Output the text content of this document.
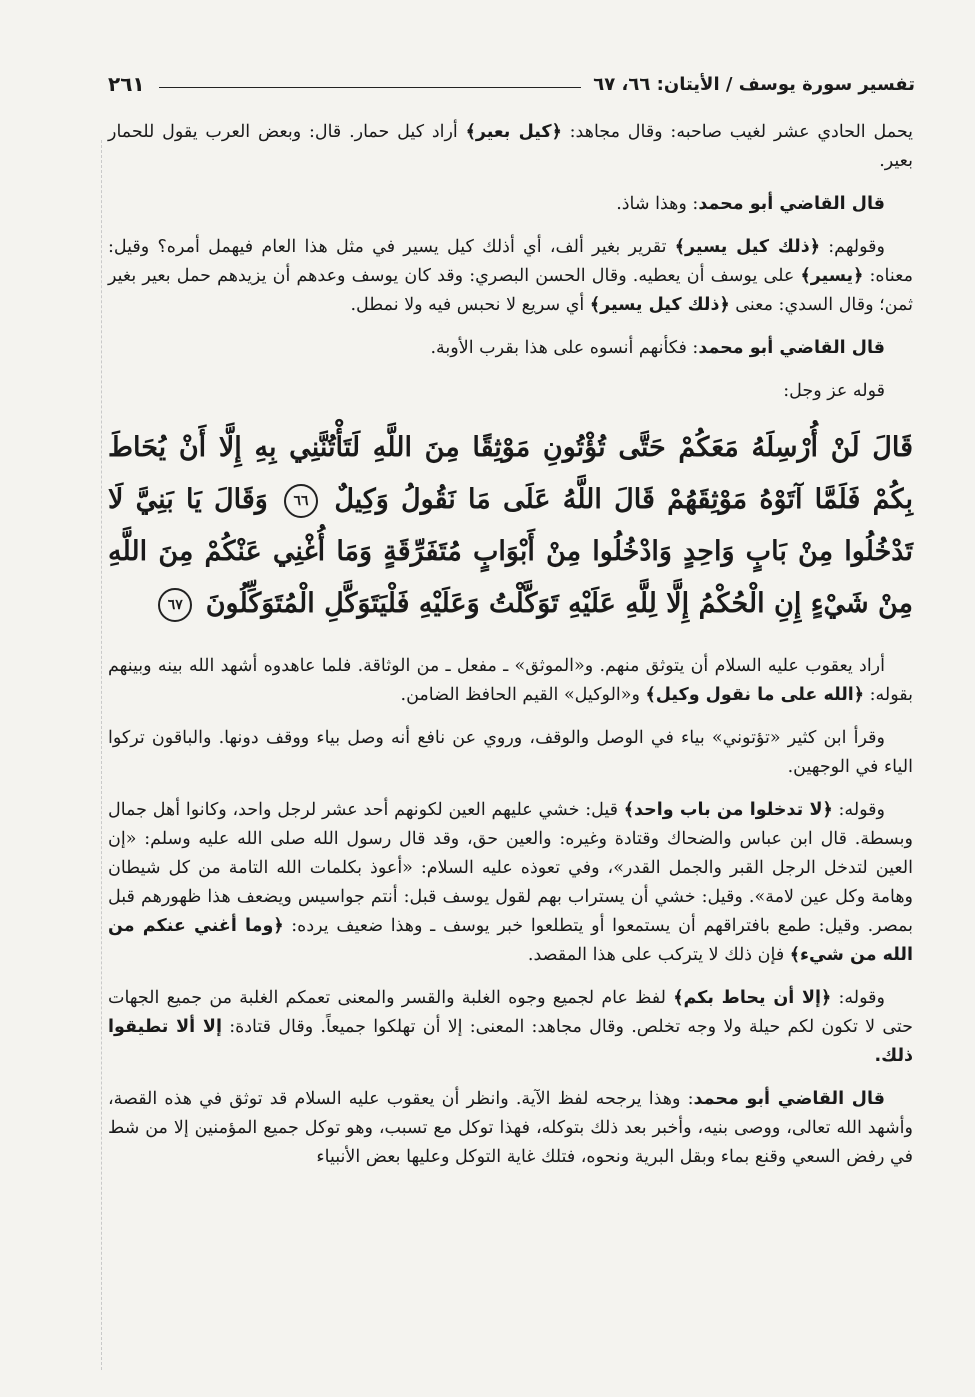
تفسير سورة يوسف / الأيتان: ٦٦، ٦٧
٢٦١

يحمل الحادي عشر لغيب صاحبه: وقال مجاهد: ﴿كيل بعير﴾ أراد كيل حمار. قال: وبعض العرب يقول للحمار بعير.

قال القاضي أبو محمد: وهذا شاذ.

وقولهم: ﴿ذلك كيل يسير﴾ تقرير بغير ألف، أي أذلك كيل يسير في مثل هذا العام فيهمل أمره؟ وقيل: معناه: ﴿يسير﴾ على يوسف أن يعطيه. وقال الحسن البصري: وقد كان يوسف وعدهم أن يزيدهم حمل بعير بغير ثمن؛ وقال السدي: معنى ﴿ذلك كيل يسير﴾ أي سريع لا نحبس فيه ولا نمطل.

قال القاضي أبو محمد: فكأنهم أنسوه على هذا بقرب الأوبة.

قوله عز وجل:

قَالَ لَنْ أُرْسِلَهُ مَعَكُمْ حَتَّى تُؤْتُونِ مَوْثِقًا مِنَ اللَّهِ لَتَأْتُنَّنِي بِهِ إِلَّا أَنْ يُحَاطَ بِكُمْ فَلَمَّا آتَوْهُ مَوْثِقَهُمْ قَالَ اللَّهُ عَلَى مَا نَقُولُ وَكِيلٌ ٦٦ وَقَالَ يَا بَنِيَّ لَا تَدْخُلُوا مِنْ بَابٍ وَاحِدٍ وَادْخُلُوا مِنْ أَبْوَابٍ مُتَفَرِّقَةٍ وَمَا أُغْنِي عَنْكُمْ مِنَ اللَّهِ مِنْ شَيْءٍ إِنِ الْحُكْمُ إِلَّا لِلَّهِ عَلَيْهِ تَوَكَّلْتُ وَعَلَيْهِ فَلْيَتَوَكَّلِ الْمُتَوَكِّلُونَ ٦٧

أراد يعقوب عليه السلام أن يتوثق منهم. و«الموثق» ـ مفعل ـ من الوثاقة. فلما عاهدوه أشهد الله بينه وبينهم بقوله: ﴿الله على ما نقول وكيل﴾ و«الوكيل» القيم الحافظ الضامن.

وقرأ ابن كثير «تؤتوني» بياء في الوصل والوقف، وروي عن نافع أنه وصل بياء ووقف دونها. والباقون تركوا الياء في الوجهين.

وقوله: ﴿لا تدخلوا من باب واحد﴾ قيل: خشي عليهم العين لكونهم أحد عشر لرجل واحد، وكانوا أهل جمال وبسطة. قال ابن عباس والضحاك وقتادة وغيره: والعين حق، وقد قال رسول الله صلى الله عليه وسلم: «إن العين لتدخل الرجل القبر والجمل القدر»، وفي تعوذه عليه السلام: «أعوذ بكلمات الله التامة من كل شيطان وهامة وكل عين لامة». وقيل: خشي أن يستراب بهم لقول يوسف قبل: أنتم جواسيس ويضعف هذا ظهورهم قبل بمصر. وقيل: طمع بافتراقهم أن يستمعوا أو يتطلعوا خبر يوسف ـ وهذا ضعيف يرده: ﴿وما أغني عنكم من الله من شيء﴾ فإن ذلك لا يتركب على هذا المقصد.

وقوله: ﴿إلا أن يحاط بكم﴾ لفظ عام لجميع وجوه الغلبة والقسر والمعنى تعمكم الغلبة من جميع الجهات حتى لا تكون لكم حيلة ولا وجه تخلص. وقال مجاهد: المعنى: إلا أن تهلكوا جميعاً. وقال قتادة: إلا ألا تطيقوا ذلك.

قال القاضي أبو محمد: وهذا يرجحه لفظ الآية. وانظر أن يعقوب عليه السلام قد توثق في هذه القصة، وأشهد الله تعالى، ووصى بنيه، وأخبر بعد ذلك بتوكله، فهذا توكل مع تسبب، وهو توكل جميع المؤمنين إلا من شط في رفض السعي وقنع بماء وبقل البرية ونحوه، فتلك غاية التوكل وعليها بعض الأنبياء
